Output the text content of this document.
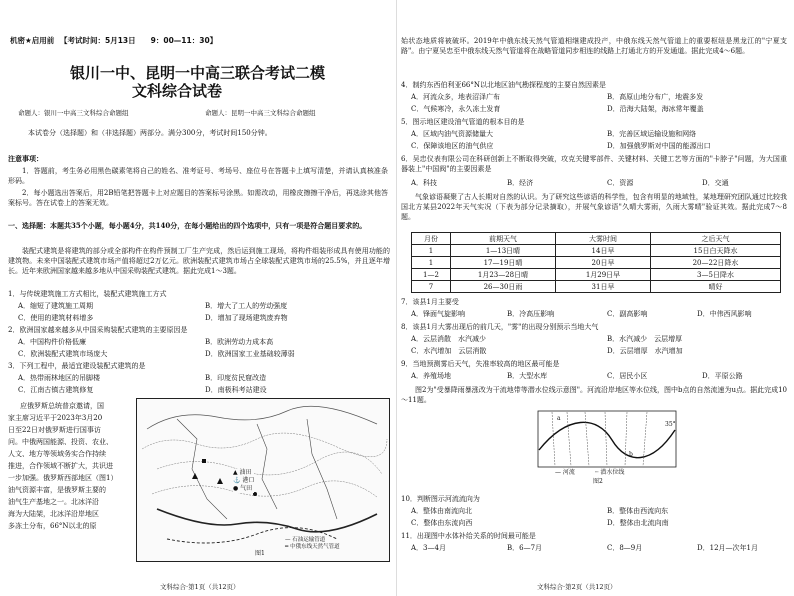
机密★启用前 【考试时间：5月13日　　9：00—11：30】
银川一中、昆明一中高三联合考试二模
文科综合试卷
命题人：银川一中高三文科综合命题组	命题人：昆明一中高三文科综合命题组
本试卷分（选择题）和（非选择题）两部分。满分300分，考试时间150分钟。
注意事项：
1．答题前，考生务必用黑色碳素笔将自己的姓名、准考证号、考场号、座位号在答题卡上填写清楚，并请认真核准条形码。
2．每小题选出答案后，用2B铅笔把答题卡上对应题目的答案标号涂黑。如需改动，用橡皮擦擦干净后，再选涂其他答案标号。答在试卷上的答案无效。
一、选择题：本题共35个小题，每小题4分，共140分，在每小题给出的四个选项中，只有一项是符合题目要求的。
装配式建筑是将建筑的部分或全部构件在构件预制工厂生产完成，然后运到施工现场，将构件组装形成具有使用功能的建筑物。未来中国装配式建筑市场产值将超过2万亿元。欧洲装配式建筑市场占全球装配式建筑市场的25.5%，并且逐年增长。近年来欧洲国家越来越多地从中国采购装配式建筑。据此完成1～3题。
1．与传统建筑施工方式相比，装配式建筑施工方式
A．缩短了建筑施工周期	B．增大了工人的劳动强度
C．使用的建筑材料增多	D．增加了现场建筑废弃物
2．欧洲国家越来越多从中国采购装配式建筑的主要原因是
A．中国构件价格低廉	B．欧洲劳动力成本高
C．欧洲装配式建筑市场庞大	D．欧洲国家工业基础较薄弱
3．下列工程中，最适宜建设装配式建筑的是
A．热带雨林地区的吊脚楼	B．印度贫民窟改造
C．江南古镇古建筑修复	D．南极科考站建设
应俄罗斯总统普京邀请，国
家主席习近平于2023年3月20
日至22日对俄罗斯进行国事访
问。中俄两国能源、投资、农业、
人文、地方等领域务实合作持续
推进，合作领域不断扩大，共识进
一步加强。俄罗斯西部地区（图1）
油气资源丰富，是俄罗斯主要的
油气生产基地之一。北冰洋沿
海为大陆架，北冰洋沿岸地区
多冻土分布，66°N以北的原
▲ 油田
⚓ 港口
● 气田
— 石油运输管道
━ 中俄东线天然气管道
图1
文科综合·第1页（共12页）
始状态地质将被破坏。2019年中俄东线天然气管道相继建成投产，中俄东线天然气管道上的重要枢纽是黑龙江的"宁夏支路"。由宁夏吴忠至中俄东线天然气管道将在战略管道同步相连的线路上打通北方的开发通道。据此完成4～6题。
4．制约东西伯利亚66°N以北地区油气勘探程度的主要自然因素是
A．河流众多，地表沼泽广布	B．高原山地分布广，地震多发
C．气候寒冷，永久冻土发育	D．沿海大陆架，海冰常年覆盖
5．图示地区建设油气管道的根本目的是
A．区域内油气资源储量大	B．完善区域运输设施和网络
C．保障该地区的油气供应	D．加强俄罗斯对中国的能源出口
6．吴忠仪表有限公司在科研创新上不断取得突破，攻克关键零部件、关键材料、关键工艺等方面的"卡脖子"问题，为大国重器装上"中国阀"的主要因素是
A．科技	B．经济	C．资源	D．交通
气象谚语凝聚了古人长期对自然的认识。为了研究这些谚语的科学性，包含有明显的地域性，某地理研究团队通过比较我国北方某县2022年天气实况（下表为部分记录摘取），并展气象谚语"久晴大雾雨，久雨大雾晴"验证其效。据此完成7～8题。
月份	前期天气	大雾时间	之后天气
1	1—13日晴	14日早	15日白天降水
1	17—19日晴	20日早	20—22日降水
1—2	1月23—28日晴	1月29日早	3—5日降水
7	26—30日雨	31日早	晴好
7．该县1月主要受
A．锋面气旋影响	B．冷高压影响	C．副高影响	D．中伟西风影响
8．该县1月大雾出现后的前几天，"雾"的出现分别预示当地大气
A．云层消散　水汽减少	B．水汽减少　云层增厚
C．水汽增加　云层消散	D．云层增厚　水汽增加
9．当地预测雾后天气，失准率较高的地区最可能是
A．养殖场地	B．大型水库	C．居民小区	D．平原公路
图2为"受暴降雨暴涨改为干流地带等潜水位线示意图"。河流沿岸地区等水位线，图中b点的自然流速为u点。据此完成10～11题。
a
b
35°
— 河流	┄ 潜水位线
图2
10．判断图示河流流向为
A．整体由南流向北	B．整体由西流向东
C．整体由东流向西	D．整体由北流向南
11．出现图中水体补给关系的时间最可能是
A．3—4月	B．6—7月	C．8—9月	D．12月—次年1月
文科综合·第2页（共12页）
